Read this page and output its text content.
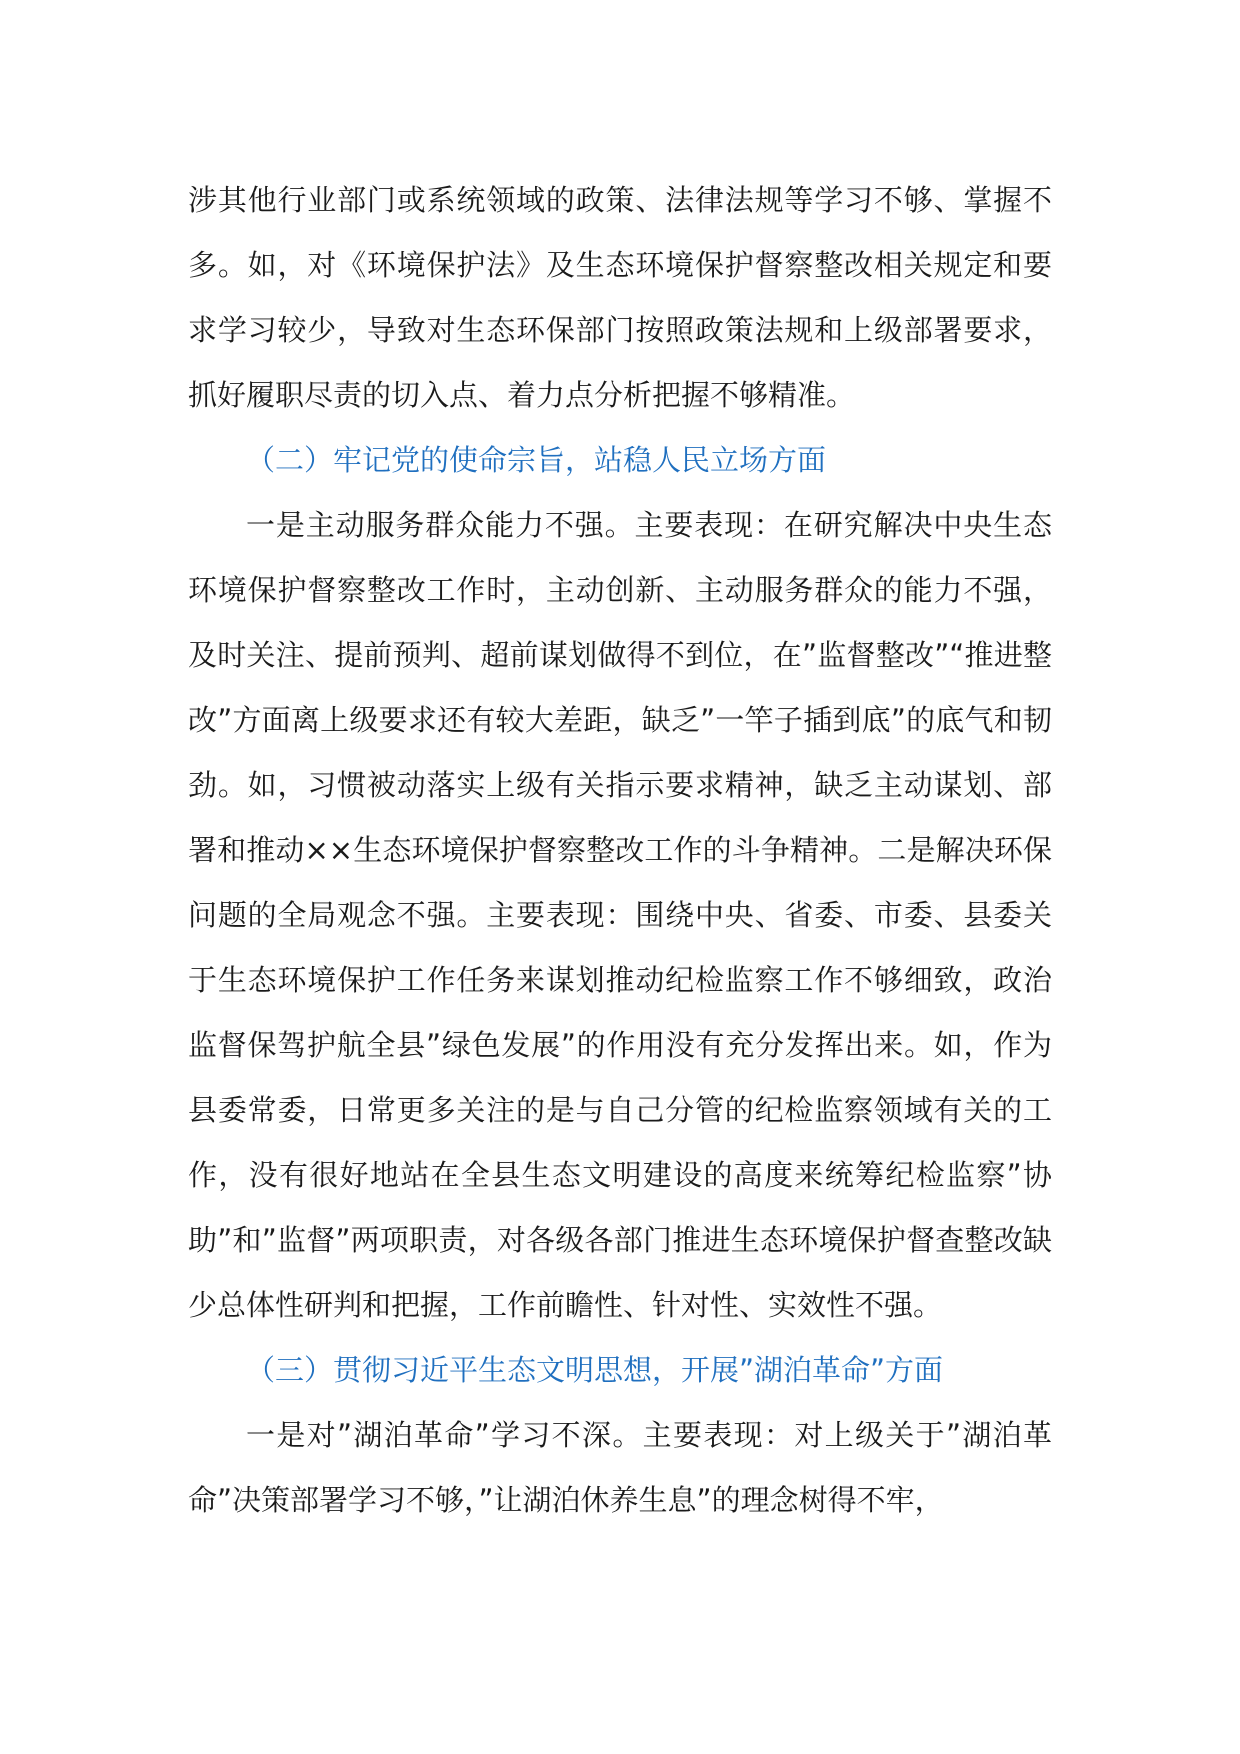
涉其他行业部门或系统领域的政策、法律法规等学习不够、掌握不多。如，对《环境保护法》及生态环境保护督察整改相关规定和要求学习较少，导致对生态环保部门按照政策法规和上级部署要求，抓好履职尽责的切入点、着力点分析把握不够精准。

（二）牢记党的使命宗旨，站稳人民立场方面

一是主动服务群众能力不强。主要表现：在研究解决中央生态环境保护督察整改工作时，主动创新、主动服务群众的能力不强，及时关注、提前预判、超前谋划做得不到位，在”监督整改”“推进整改”方面离上级要求还有较大差距，缺乏”一竿子插到底”的底气和韧劲。如，习惯被动落实上级有关指示要求精神，缺乏主动谋划、部署和推动××生态环境保护督察整改工作的斗争精神。二是解决环保问题的全局观念不强。主要表现：围绕中央、省委、市委、县委关于生态环境保护工作任务来谋划推动纪检监察工作不够细致，政治监督保驾护航全县”绿色发展”的作用没有充分发挥出来。如，作为县委常委，日常更多关注的是与自己分管的纪检监察领域有关的工作，没有很好地站在全县生态文明建设的高度来统筹纪检监察”协助”和”监督”两项职责，对各级各部门推进生态环境保护督查整改缺少总体性研判和把握，工作前瞻性、针对性、实效性不强。

（三）贯彻习近平生态文明思想，开展”湖泊革命”方面

一是对”湖泊革命”学习不深。主要表现：对上级关于”湖泊革命”决策部署学习不够，”让湖泊休养生息”的理念树得不牢，
